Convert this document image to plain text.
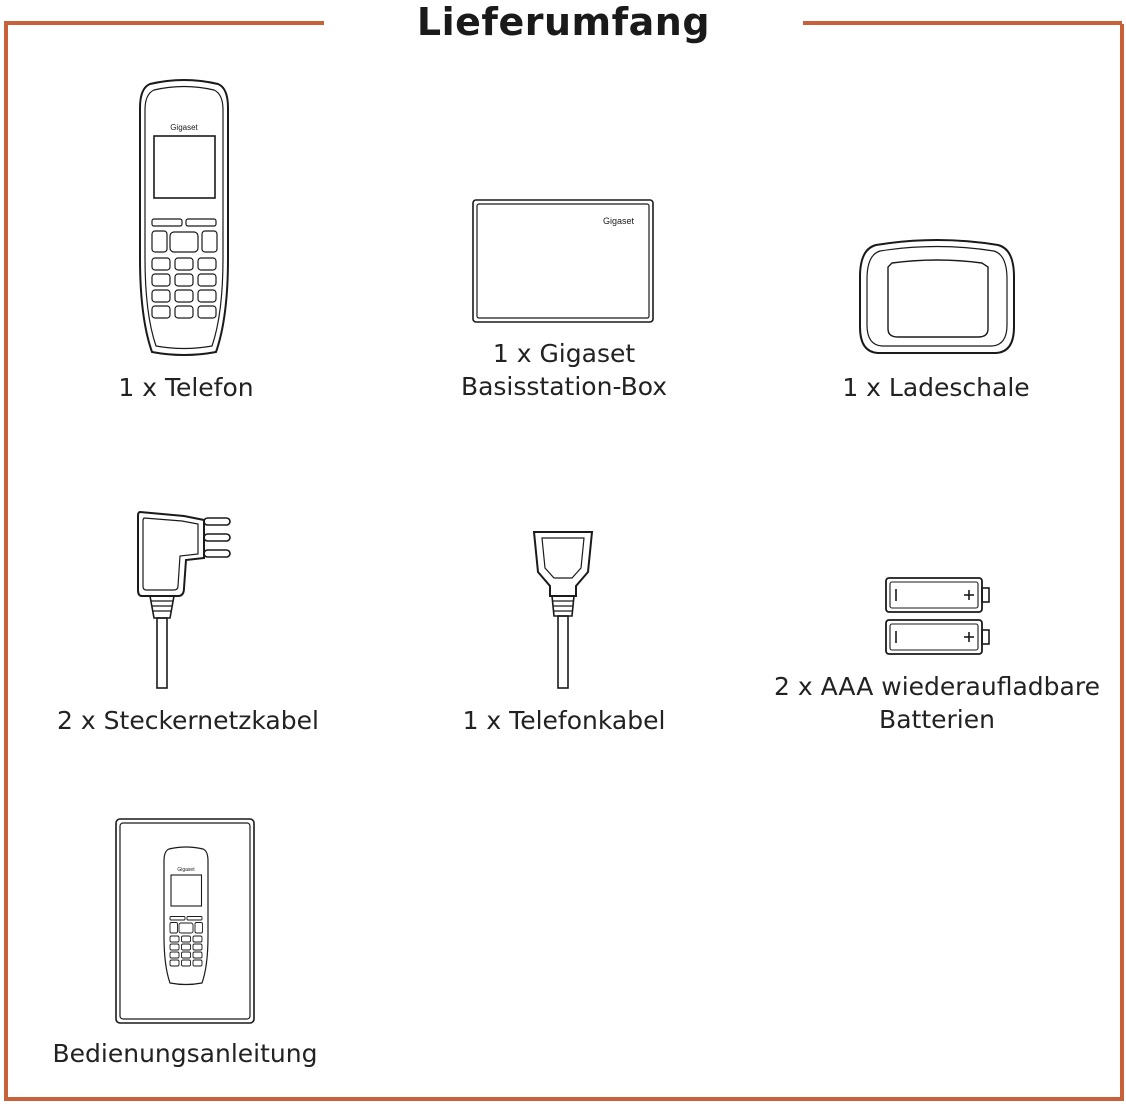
Lieferumfang
Gigaset
1 x Telefon
Gigaset
1 x Gigaset
Basisstation-Box	1 x Ladeschale
2 x Steckernetzkabel	1 x Telefonkabel
2 x AAA wiederaufladbare
Batterien
Gigaset
Bedienungsanleitung
